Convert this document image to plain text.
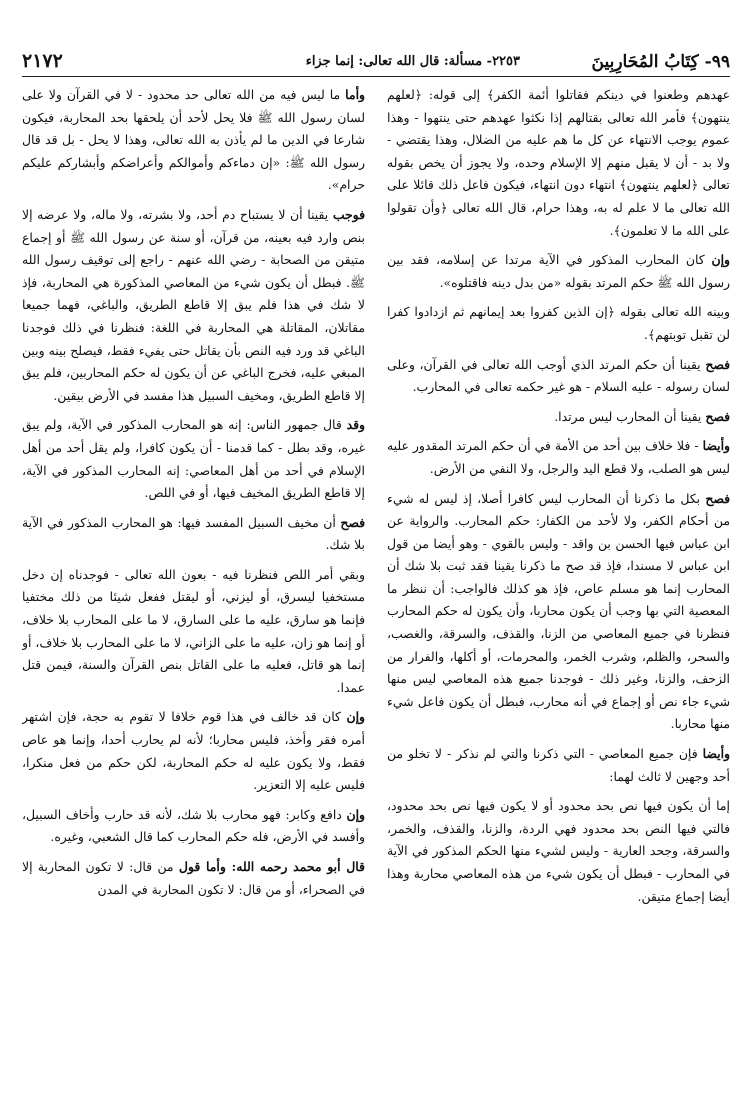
٩٩- كِتَابُ المُحَارِبِينَ
٢٢٥٣- مسألة: قال الله تعالى: إنما جزاء
٢١٧٢

عهدهم وطعنوا في دينكم فقاتلوا أئمة الكفر﴾ إلى قوله: ﴿لعلهم ينتهون﴾ فأمر الله تعالى بقتالهم إذا نكثوا عهدهم حتى ينتهوا - وهذا عموم يوجب الانتهاء عن كل ما هم عليه من الضلال، وهذا يقتضي - ولا بد - أن لا يقبل منهم إلا الإسلام وحده، ولا يجوز أن يخص بقوله تعالى ﴿لعلهم ينتهون﴾ انتهاء دون انتهاء، فيكون فاعل ذلك قائلا على الله تعالى ما لا علم له به، وهذا حرام، قال الله تعالى ﴿وأن تقولوا على الله ما لا تعلمون﴾.

وإن كان المحارب المذكور في الآية مرتدا عن إسلامه، فقد بين رسول الله ﷺ حكم المرتد بقوله «من بدل دينه فاقتلوه».

وبينه الله تعالى بقوله ﴿إن الذين كفروا بعد إيمانهم ثم ازدادوا كفرا لن تقبل توبتهم﴾.

فصح يقينا أن حكم المرتد الذي أوجب الله تعالى في القرآن، وعلى لسان رسوله - عليه السلام - هو غير حكمه تعالى في المحارب.

فصح يقينا أن المحارب ليس مرتدا.

وأيضا - فلا خلاف بين أحد من الأمة في أن حكم المرتد المقدور عليه ليس هو الصلب، ولا قطع اليد والرجل، ولا النفي من الأرض.

فصح بكل ما ذكرنا أن المحارب ليس كافرا أصلا، إذ ليس له شيء من أحكام الكفر، ولا لأحد من الكفار: حكم المحارب. والرواية عن ابن عباس فيها الحسن بن واقد - وليس بالقوي - وهو أيضا من قول ابن عباس لا مسندا، فإذ قد صح ما ذكرنا يقينا فقد ثبت بلا شك أن المحارب إنما هو مسلم عاص، فإذ هو كذلك فالواجب: أن ننظر ما المعصية التي بها وجب أن يكون محاربا، وأن يكون له حكم المحارب فنظرنا في جميع المعاصي من الزنا، والقذف، والسرقة، والغصب، والسحر، والظلم، وشرب الخمر، والمحرمات، أو أكلها، والفرار من الزحف، والزنا، وغير ذلك - فوجدنا جميع هذه المعاصي ليس منها شيء جاء نص أو إجماع في أنه محارب، فبطل أن يكون فاعل شيء منها محاربا.

وأيضا فإن جميع المعاصي - التي ذكرنا والتي لم نذكر - لا تخلو من أحد وجهين لا ثالث لهما:

إما أن يكون فيها نص بحد محدود أو لا يكون فيها نص بحد محدود، فالتي فيها النص بحد محدود فهي الردة، والزنا، والقذف، والخمر، والسرقة، وجحد العارية - وليس لشيء منها الحكم المذكور في الآية في المحارب - فبطل أن يكون شيء من هذه المعاصي محاربة وهذا أيضا إجماع متيقن.

وأما ما ليس فيه من الله تعالى حد محدود - لا في القرآن ولا على لسان رسول الله ﷺ فلا يحل لأحد أن يلحقها بحد المحاربة، فيكون شارعا في الدين ما لم يأذن به الله تعالى، وهذا لا يحل - بل قد قال رسول الله ﷺ: «إن دماءكم وأموالكم وأعراضكم وأبشاركم عليكم حرام».

فوجب يقينا أن لا يستباح دم أحد، ولا بشرته، ولا ماله، ولا عرضه إلا بنص وارد فيه بعينه، من قرآن، أو سنة عن رسول الله ﷺ أو إجماع متيقن من الصحابة - رضي الله عنهم - راجع إلى توقيف رسول الله ﷺ. فبطل أن يكون شيء من المعاصي المذكورة هي المحاربة، فإذ لا شك في هذا فلم يبق إلا قاطع الطريق، والباغي، فهما جميعا مقاتلان، المقاتلة هي المحاربة في اللغة: فنظرنا في ذلك فوجدنا الباغي قد ورد فيه النص بأن يقاتل حتى يفيء فقط، فيصلح بينه وبين المبغي عليه، فخرج الباغي عن أن يكون له حكم المحاربين، فلم يبق إلا قاطع الطريق، ومخيف السبيل هذا مفسد في الأرض بيقين.

وقد قال جمهور الناس: إنه هو المحارب المذكور في الآية، ولم يبق غيره، وقد بطل - كما قدمنا - أن يكون كافرا، ولم يقل أحد من أهل الإسلام في أحد من أهل المعاصي: إنه المحارب المذكور في الآية، إلا قاطع الطريق المخيف فيها، أو في اللص.

فصح أن مخيف السبيل المفسد فيها: هو المحارب المذكور في الآية بلا شك.

وبقي أمر اللص فنظرنا فيه - بعون الله تعالى - فوجدناه إن دخل مستخفيا ليسرق، أو ليزني، أو ليقتل ففعل شيئا من ذلك مختفيا فإنما هو سارق، عليه ما على السارق، لا ما على المحارب بلا خلاف، أو إنما هو زان، عليه ما على الزاني، لا ما على المحارب بلا خلاف، أو إنما هو قاتل، فعليه ما على القاتل بنص القرآن والسنة، فيمن قتل عمدا.

وإن كان قد خالف في هذا قوم خلافا لا تقوم به حجة، فإن اشتهر أمره فقر وأخذ، فليس محاربا؛ لأنه لم يحارب أحدا، وإنما هو عاص فقط، ولا يكون عليه له حكم المحاربة، لكن حكم من فعل منكرا، فليس عليه إلا التعزير.

وإن دافع وكابر: فهو محارب بلا شك، لأنه قد حارب وأخاف السبيل، وأفسد في الأرض، فله حكم المحارب كما قال الشعبي، وغيره.

قال أبو محمد رحمه الله: وأما قول من قال: لا تكون المحاربة إلا في الصحراء، أو من قال: لا تكون المحاربة في المدن
